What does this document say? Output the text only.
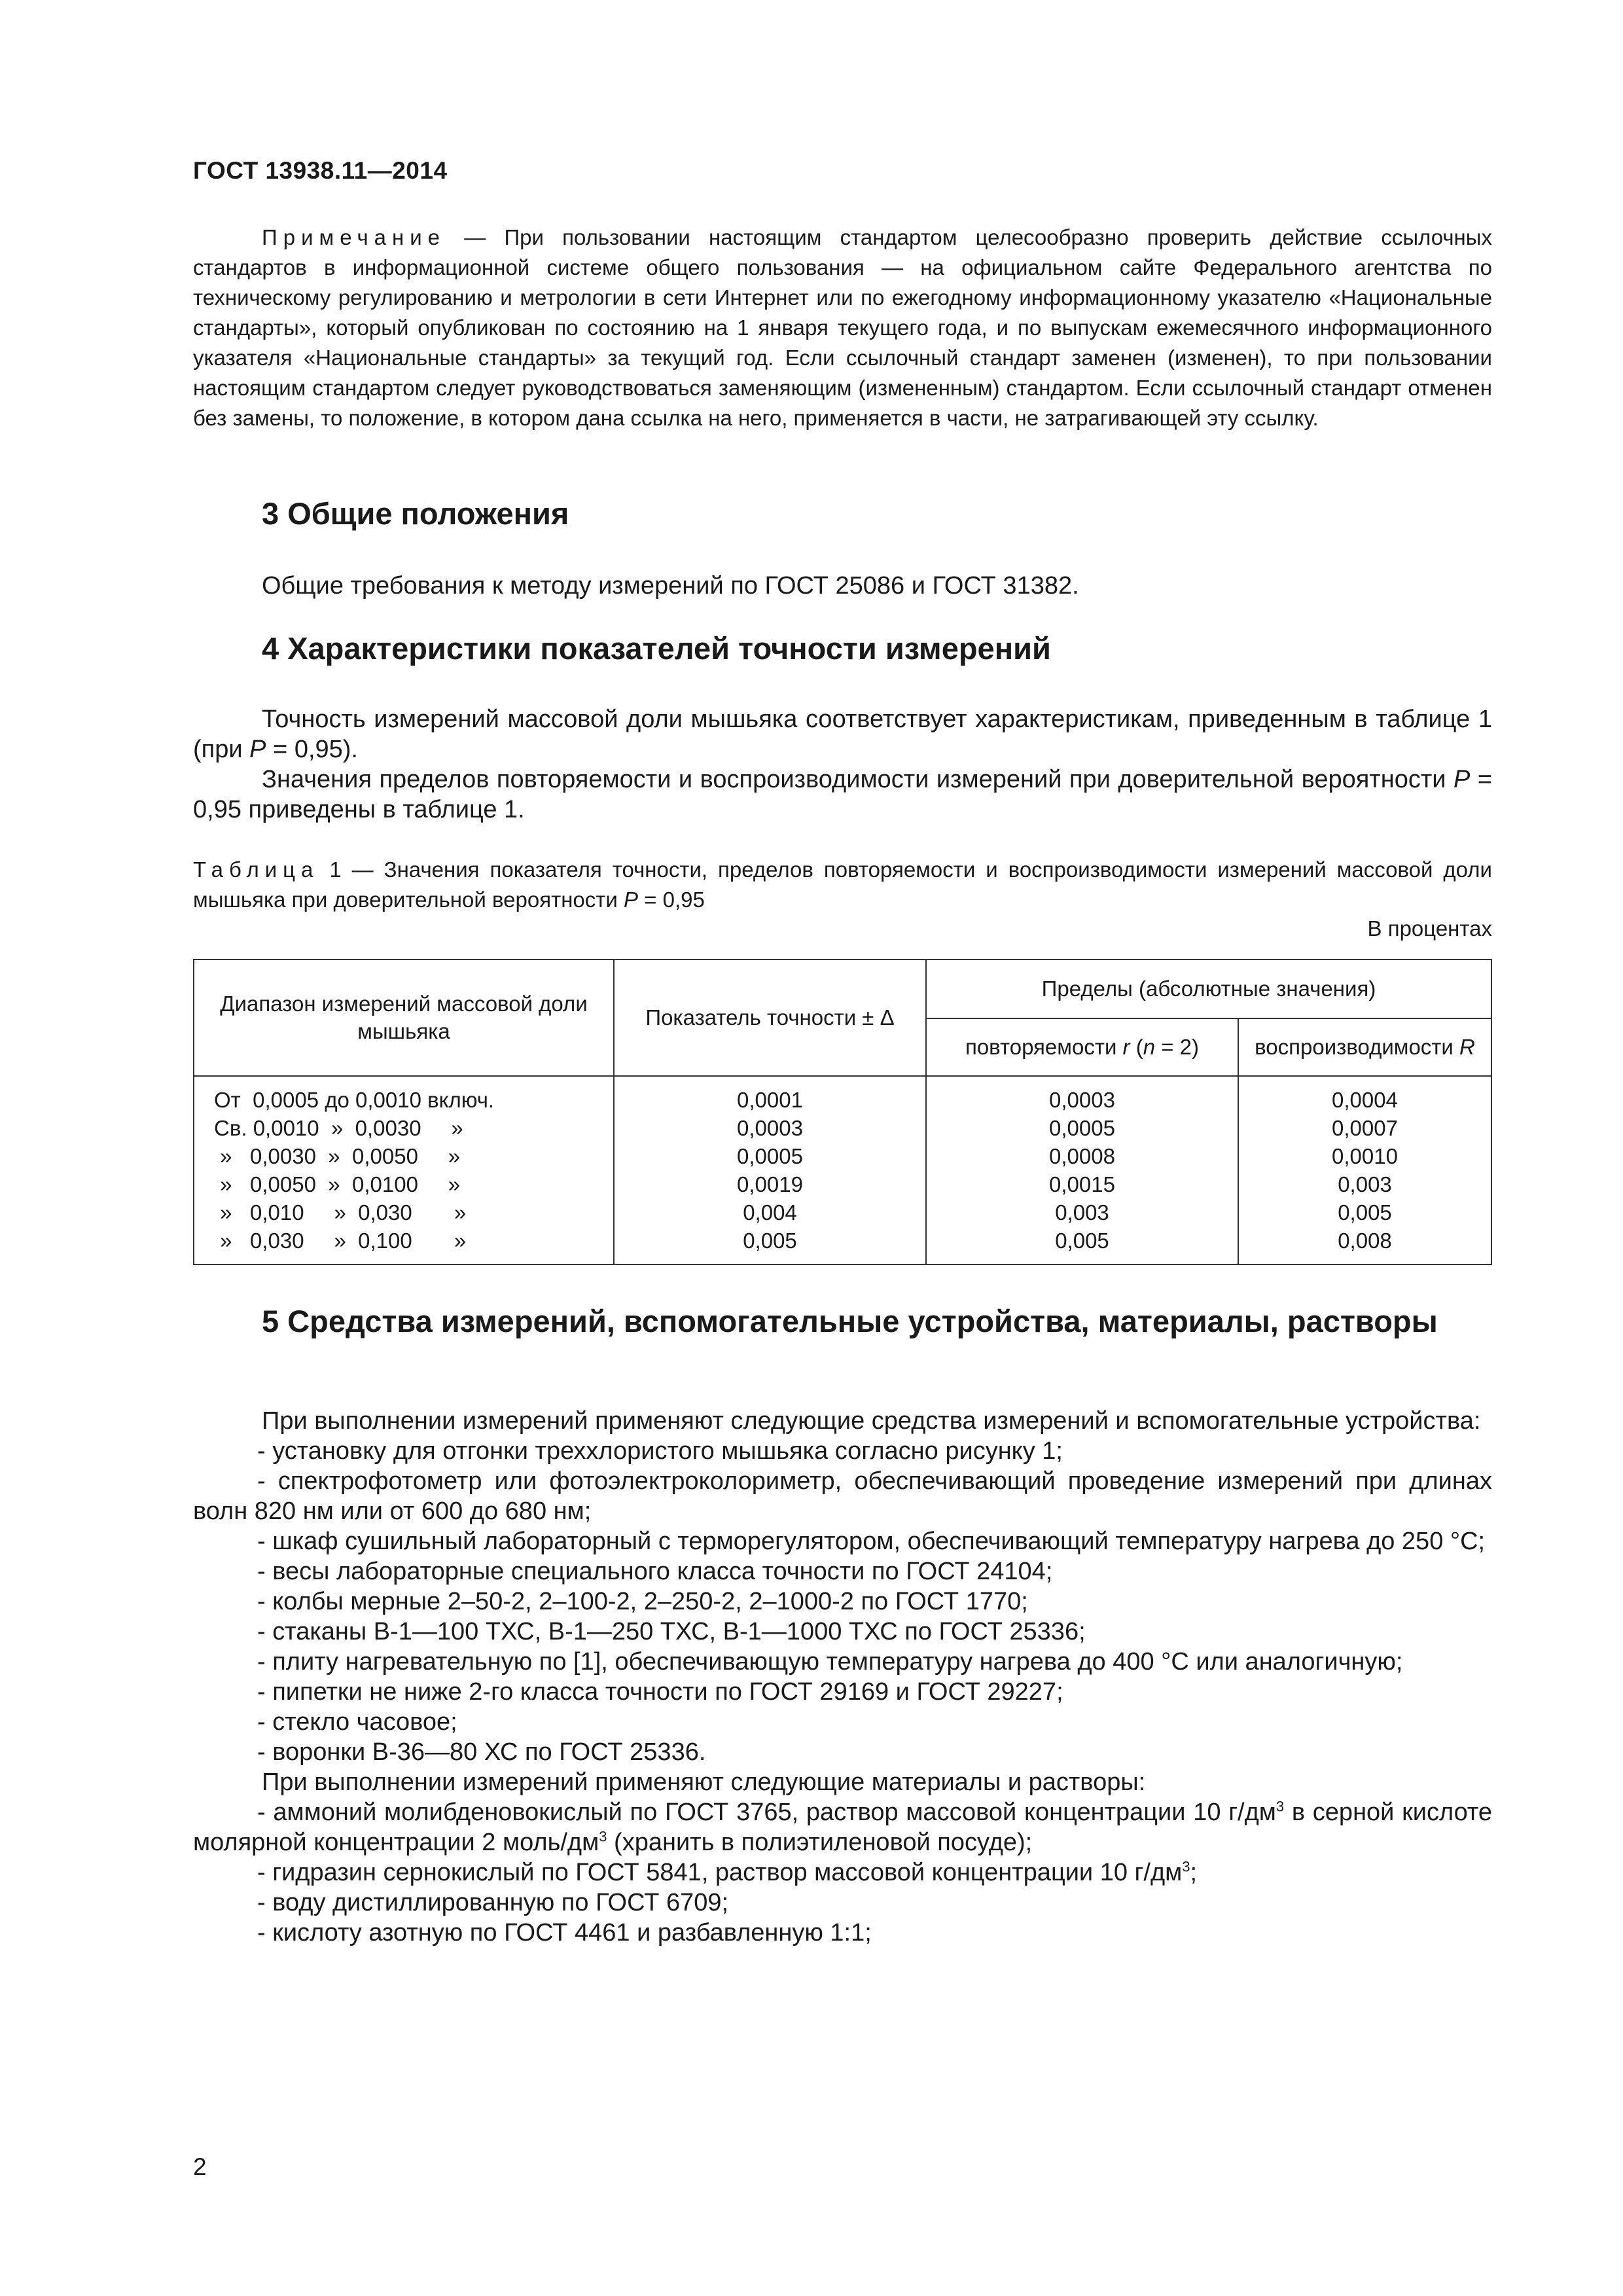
ГОСТ 13938.11—2014

Примечание — При пользовании настоящим стандартом целесообразно проверить действие ссылочных стандартов в информационной системе общего пользования — на официальном сайте Федерального агентства по техническому регулированию и метрологии в сети Интернет или по ежегодному информационному указателю «Национальные стандарты», который опубликован по состоянию на 1 января текущего года, и по выпускам ежемесячного информационного указателя «Национальные стандарты» за текущий год. Если ссылочный стандарт заменен (изменен), то при пользовании настоящим стандартом следует руководствоваться заменяющим (измененным) стандартом. Если ссылочный стандарт отменен без замены, то положение, в котором дана ссылка на него, применяется в части, не затрагивающей эту ссылку.

3 Общие положения

Общие требования к методу измерений по ГОСТ 25086 и ГОСТ 31382.

4 Характеристики показателей точности измерений

Точность измерений массовой доли мышьяка соответствует характеристикам, приведенным в таблице 1 (при P = 0,95).

Значения пределов повторяемости и воспроизводимости измерений при доверительной вероятности P = 0,95 приведены в таблице 1.

Таблица 1 — Значения показателя точности, пределов повторяемости и воспроизводимости измерений массовой доли мышьяка при доверительной вероятности P = 0,95

В процентах
Диапазон измерений массовой доли мышьяка	Показатель точности ± Δ	Пределы (абсолютные значения)	
		повторяемости r (n = 2)	воспроизводимости R
От  0,0005 до 0,0010 включ.	0,0001	0,0003	0,0004
Св. 0,0010  »  0,0030     »	0,0003	0,0005	0,0007
»   0,0030  »  0,0050     »	0,0005	0,0008	0,0010
»   0,0050  »  0,0100     »	0,0019	0,0015	0,003
»   0,010     »  0,030       »	0,004	0,003	0,005
»   0,030     »  0,100       »	0,005	0,005	0,008
5 Средства измерений, вспомогательные устройства, материалы, растворы

При выполнении измерений применяют следующие средства измерений и вспомогательные устройства:

- установку для отгонки треххлористого мышьяка согласно рисунку 1;

- спектрофотометр или фотоэлектроколориметр, обеспечивающий проведение измерений при длинах волн 820 нм или от 600 до 680 нм;

- шкаф сушильный лабораторный с терморегулятором, обеспечивающий температуру нагрева до 250 °С;

- весы лабораторные специального класса точности по ГОСТ 24104;

- колбы мерные 2–50-2, 2–100-2, 2–250-2, 2–1000-2 по ГОСТ 1770;

- стаканы В-1—100 ТХС, В-1—250 ТХС, В-1—1000 ТХС по ГОСТ 25336;

- плиту нагревательную по [1], обеспечивающую температуру нагрева до 400 °С или аналогичную;

- пипетки не ниже 2-го класса точности по ГОСТ 29169 и ГОСТ 29227;

- стекло часовое;

- воронки В-36—80 ХС по ГОСТ 25336.

При выполнении измерений применяют следующие материалы и растворы:

- аммоний молибденовокислый по ГОСТ 3765, раствор массовой концентрации 10 $г/дм^3$ в серной кислоте молярной концентрации 2 моль/$дм^3$ (хранить в полиэтиленовой посуде);

- гидразин сернокислый по ГОСТ 5841, раствор массовой концентрации 10 $г/дм^3$;

- воду дистиллированную по ГОСТ 6709;

- кислоту азотную по ГОСТ 4461 и разбавленную 1:1;

2
